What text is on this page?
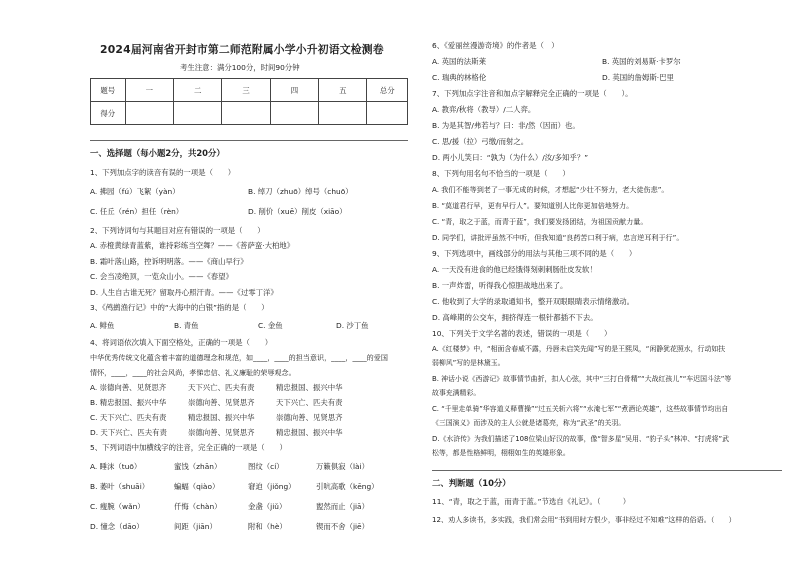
2024届河南省开封市第二师范附属小学小升初语文检测卷
考生注意：满分100分，时间90分钟
题号	一	二	三	四	五	总分
得分						
一、选择题（每小题2分，共20分）
1、下列加点字的读音有误的一项是（　　）
A. 拂园（fú）飞絮（yàn）	B. 绰刀（zhuō）绰号（chuō）
C. 任丘（rén）担任（rèn）	D. 削价（xuē）削皮（xiāo）
2、下列诗词句与其题目对应有错误的一项是（　　）
A. 赤橙黄绿青蓝紫，谁持彩练当空舞？——《菩萨蛮·大柏地》
B. 霜叶落山路，控诉明明落。——《商山早行》
C. 会当凌绝顶，一览众山小。——《春望》
D. 人生自古谁无死？留取丹心照汗青。——《过零丁洋》
3、《鸬鹚渔行记》中的“大海中的白银”指的是（　　）
A. 鲱鱼	B. 青鱼	C. 金鱼	D. 沙丁鱼
4、将词语依次填入下面空格处，正确的一项是（　　）
中华优秀传统文化蕴含着丰富的道德理念和规范，如____，____的担当意识，____，____的爱国
情怀，____，____的社会风尚，孝悌忠信、礼义廉耻的荣辱观念。
A. 崇德向善、见贤思齐	天下兴亡、匹夫有责	精忠报国、振兴中华
B. 精忠报国、振兴中华	崇德向善、见贤思齐	天下兴亡、匹夫有责
C. 天下兴亡、匹夫有责	精忠报国、振兴中华	崇德向善、见贤思齐
D. 天下兴亡、匹夫有责	崇德向善、见贤思齐	精忠报国、振兴中华
5、下列词语中加横线字的注音，完全正确的一项是（　　）
A. 睡沫（tuō）	蜜饯（zhān）	图纹（cí）	万籁俱寂（lài）
B. 萎叶（shuāi）	蝙蝠（qiào）	窘迫（jiǒng）	引吭高歌（kēng）
C. 瘦腕（wǎn）	仟悔（chàn）	金盏（jiǔ）	盥然而止（jiā）
D. 憧念（dāo）	间距（jiān）	附和（hè）	锲而不舍（jiē）
6、《爱丽丝漫游奇境》的作者是（　）
A. 英国的法斯莱	B. 英国的刘易斯·卡罗尔
C. 瑞典的林格伦	D. 英国的詹姆斯·巴里
7、下列加点字注音和加点字解释完全正确的一项是（　　）。
A. 教弈/秋将（教导）/二人弈。
B. 为是其智/弗若与？曰：非/然（因而）也。
C. 思/援（拉）弓缴/而射之。
D. 两小儿笑曰：“孰为（为什么）/汝/多知乎？”
8、下列句用名句不恰当的一项是（　　）
A. 我们不能等到老了一事无成的时候，才想起“少壮不努力，老大徒伤悲”。
B. “莫道君行早，更有早行人”。要知道别人比你更加倍地努力。
C. “青，取之于蓝，而青于蓝”，我们要发扬团结，为祖国贡献力量。
D. 同学们，讲批评虽然不中听，但我知道“良药苦口利于病，忠言逆耳利于行”。
9、下列选项中，画线部分的用法与其他三项不同的是（　　）
A. 一天没有进食的他已经饿得刻刺刺肠肚皮发软！
B. 一声炸雷，听得我心惊胆战地出来了。
C. 他收到了大学的录取通知书，整开双眼眼睛表示情绪激动。
D. 高峰期的公交车，拥挤得连一根针都插不下去。
10、下列关于文学名著的表述，错误的一项是（　　）
A.《红楼梦》中，“相面含春威不露，丹唇未启笑先闻”写的是王熙凤，“闲静犹花照水，行动如扶
弱柳风”写的是林黛玉。
B. 神话小说《西游记》故事情节曲折，扣人心弦，其中“三打白骨精”“大战红孩儿”“车迟国斗法”等
故事充满精彩。
C. “千里走单骑”华容道义释曹操”“过五关斩六将”“水淹七军”“煮酒论英雄”，这些故事情节均出自
《三国演义》而涉及的主人公就是诸葛亮，称为“武圣”的关羽。
D.《水浒传》为我们描述了108位梁山好汉的故事，像“智多星”吴用、“豹子头”林冲、“打虎将”武
松等，都是性格鲜明，栩栩如生的英雄形象。
二、判断题（10分）
11、“青，取之于蓝，而青于蓝。”节选自《礼记》。（　　　）
12、劝人多读书，多实践，我们常会用“书到用时方恨少，事非经过不知难”这样的俗语。（　　）
